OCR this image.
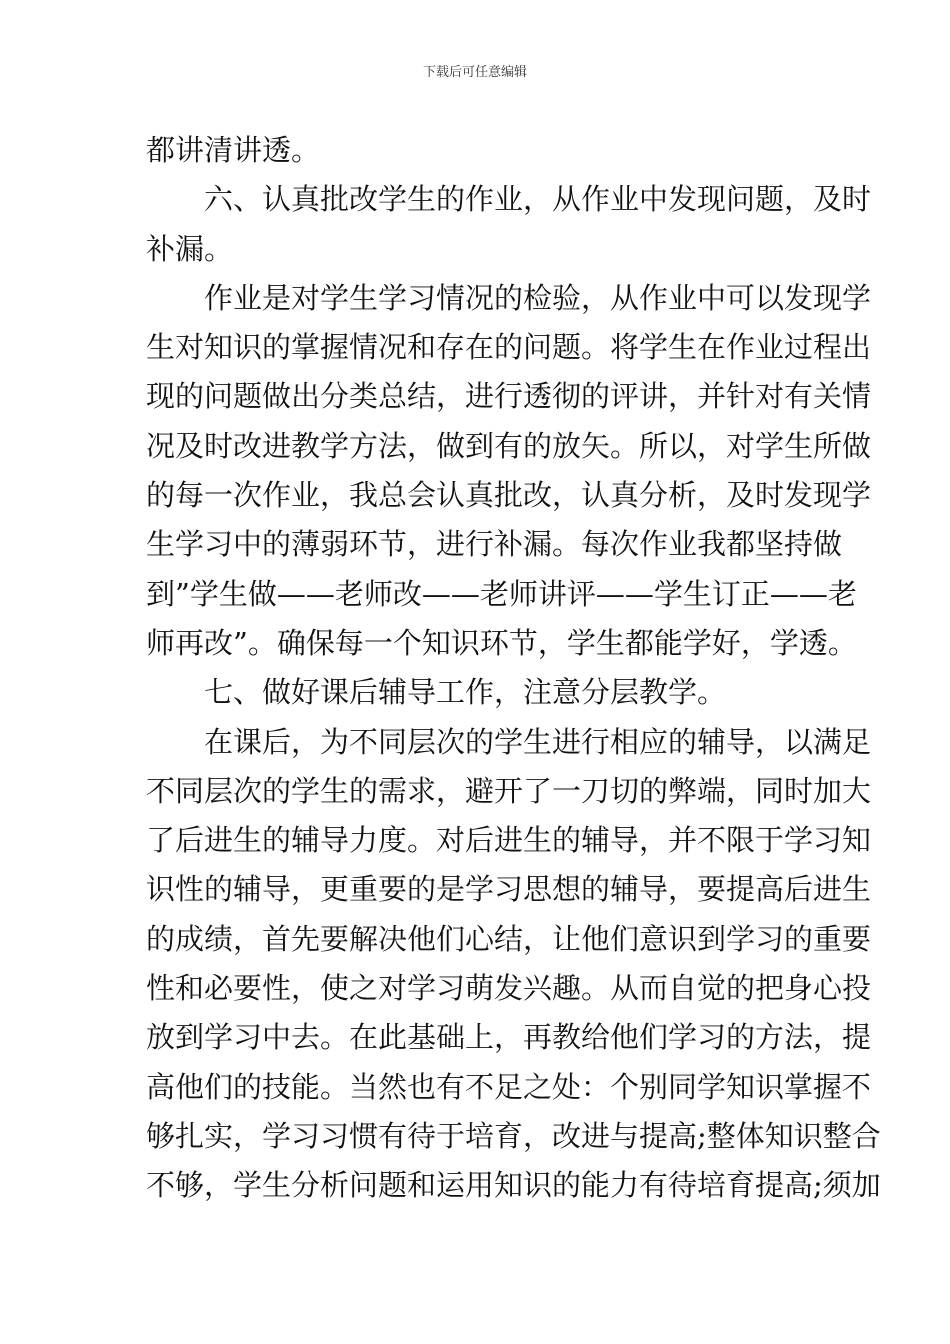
下载后可任意编辑
都讲清讲透。
六、认真批改学生的作业，从作业中发现问题，及时
补漏。
作业是对学生学习情况的检验，从作业中可以发现学
生对知识的掌握情况和存在的问题。将学生在作业过程出
现的问题做出分类总结，进行透彻的评讲，并针对有关情
况及时改进教学方法，做到有的放矢。所以，对学生所做
的每一次作业，我总会认真批改，认真分析，及时发现学
生学习中的薄弱环节，进行补漏。每次作业我都坚持做
到”学生做——老师改——老师讲评——学生订正——老
师再改”。确保每一个知识环节，学生都能学好，学透。
七、做好课后辅导工作，注意分层教学。
在课后，为不同层次的学生进行相应的辅导，以满足
不同层次的学生的需求，避开了一刀切的弊端，同时加大
了后进生的辅导力度。对后进生的辅导，并不限于学习知
识性的辅导，更重要的是学习思想的辅导，要提高后进生
的成绩，首先要解决他们心结，让他们意识到学习的重要
性和必要性，使之对学习萌发兴趣。从而自觉的把身心投
放到学习中去。在此基础上，再教给他们学习的方法，提
高他们的技能。当然也有不足之处：个别同学知识掌握不
够扎实，学习习惯有待于培育，改进与提高;整体知识整合
不够，学生分析问题和运用知识的能力有待培育提高;须加
